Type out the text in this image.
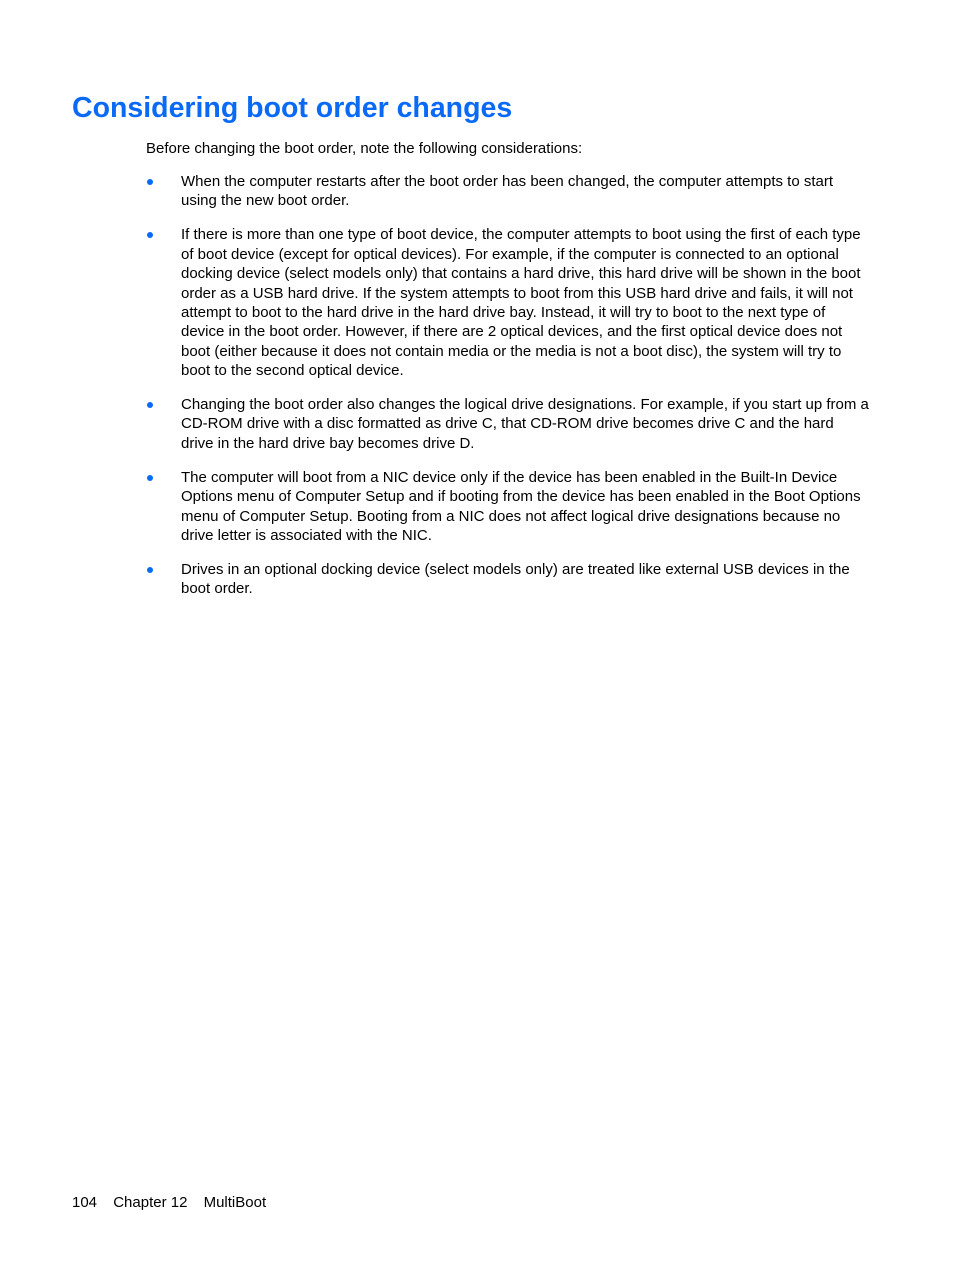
Considering boot order changes

Before changing the boot order, note the following considerations:

When the computer restarts after the boot order has been changed, the computer attempts to start using the new boot order.
If there is more than one type of boot device, the computer attempts to boot using the first of each type of boot device (except for optical devices). For example, if the computer is connected to an optional docking device (select models only) that contains a hard drive, this hard drive will be shown in the boot order as a USB hard drive. If the system attempts to boot from this USB hard drive and fails, it will not attempt to boot to the hard drive in the hard drive bay. Instead, it will try to boot to the next type of device in the boot order. However, if there are 2 optical devices, and the first optical device does not boot (either because it does not contain media or the media is not a boot disc), the system will try to boot to the second optical device.
Changing the boot order also changes the logical drive designations. For example, if you start up from a CD-ROM drive with a disc formatted as drive C, that CD-ROM drive becomes drive C and the hard drive in the hard drive bay becomes drive D.
The computer will boot from a NIC device only if the device has been enabled in the Built-In Device Options menu of Computer Setup and if booting from the device has been enabled in the Boot Options menu of Computer Setup. Booting from a NIC does not affect logical drive designations because no drive letter is associated with the NIC.
Drives in an optional docking device (select models only) are treated like external USB devices in the boot order.
104 Chapter 12 MultiBoot
